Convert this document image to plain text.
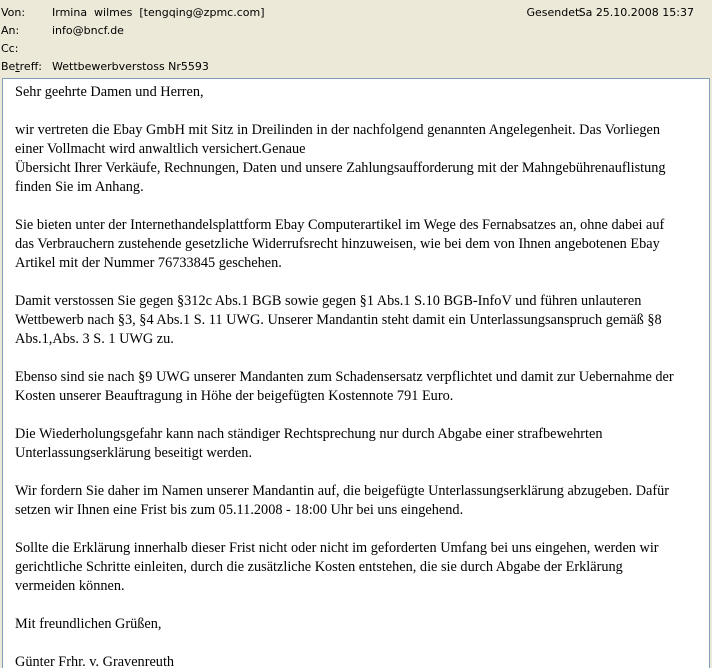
Von: Irmina  wilmes  [tengqing@zpmc.com]	Sa 25.10.2008 15:37
Gesendet:
An:	info@bncf.de
Cc:
Betreff: Wettbewerbverstoss Nr5593

Sehr geehrte Damen und Herren,

wir vertreten die Ebay GmbH mit Sitz in Dreilinden in der nachfolgend genannten Angelegenheit. Das Vorliegen
einer Vollmacht wird anwaltlich versichert.Genaue
Übersicht Ihrer Verkäufe, Rechnungen, Daten und unsere Zahlungsaufforderung mit der Mahngebührenauflistung
finden Sie im Anhang.

Sie bieten unter der Internethandelsplattform Ebay Computerartikel im Wege des Fernabsatzes an, ohne dabei auf
das Verbrauchern zustehende gesetzliche Widerrufsrecht hinzuweisen, wie bei dem von Ihnen angebotenen Ebay
Artikel mit der Nummer 76733845 geschehen.

Damit verstossen Sie gegen §312c Abs.1 BGB sowie gegen §1 Abs.1 S.10 BGB-InfoV und führen unlauteren
Wettbewerb nach §3, §4 Abs.1 S. 11 UWG. Unserer Mandantin steht damit ein Unterlassungsanspruch gemäß §8
Abs.1,Abs. 3 S. 1 UWG zu.

Ebenso sind sie nach §9 UWG unserer Mandanten zum Schadensersatz verpflichtet und damit zur Uebernahme der
Kosten unserer Beauftragung in Höhe der beigefügten Kostennote 791 Euro.

Die Wiederholungsgefahr kann nach ständiger Rechtsprechung nur durch Abgabe einer strafbewehrten
Unterlassungserklärung beseitigt werden.

Wir fordern Sie daher im Namen unserer Mandantin auf, die beigefügte Unterlassungserklärung abzugeben. Dafür
setzen wir Ihnen eine Frist bis zum 05.11.2008 - 18:00 Uhr bei uns eingehend.

Sollte die Erklärung innerhalb dieser Frist nicht oder nicht im geforderten Umfang bei uns eingehen, werden wir
gerichtliche Schritte einleiten, durch die zusätzliche Kosten entstehen, die sie durch Abgabe der Erklärung
vermeiden können.

Mit freundlichen Grüßen,

Günter Frhr. v. Gravenreuth
